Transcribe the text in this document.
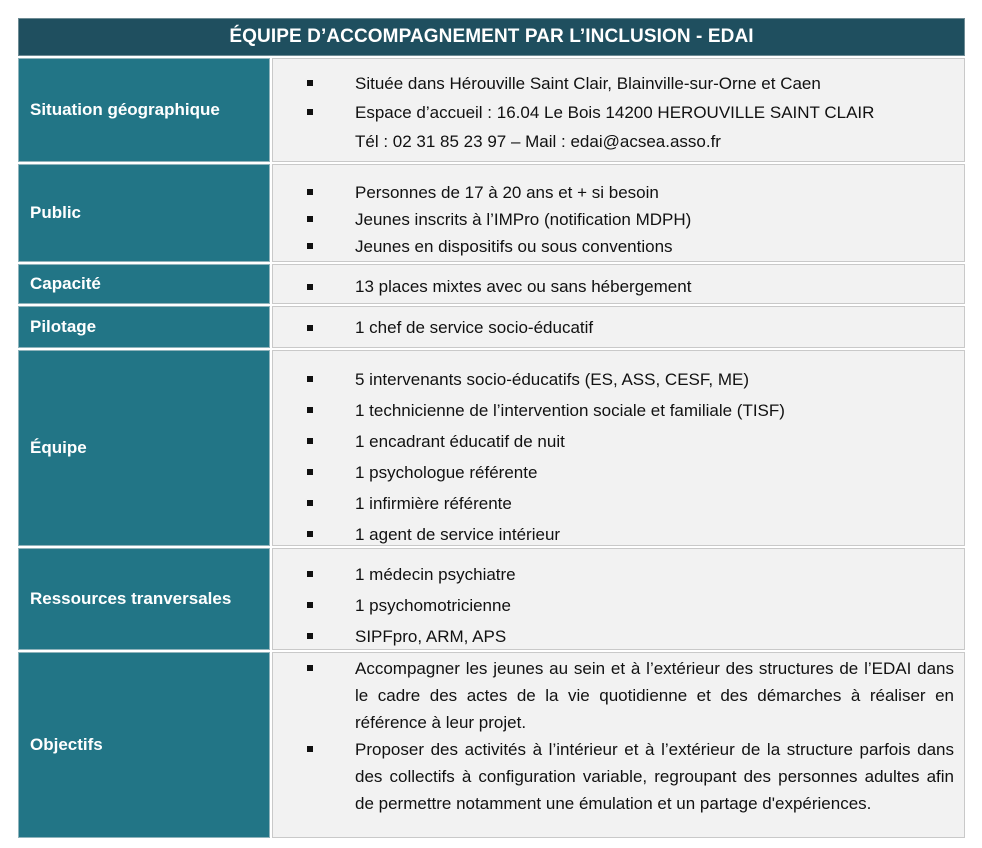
ÉQUIPE D’ACCOMPAGNEMENT PAR L’INCLUSION - EDAI
Situation géographique

Située dans Hérouville Saint Clair, Blainville-sur-Orne et Caen

Espace d’accueil : 16.04 Le Bois 14200 HEROUVILLE SAINT CLAIR

Tél : 02 31 85 23 97 – Mail : edai@acsea.asso.fr

Public

Personnes de 17 à 20 ans et + si besoin

Jeunes inscrits à l’IMPro (notification MDPH)

Jeunes en dispositifs ou sous conventions

Capacité	13 places mixtes avec ou sans hébergement

Pilotage	1 chef de service socio-éducatif

Équipe

5 intervenants socio-éducatifs (ES, ASS, CESF, ME)

1 technicienne de l’intervention sociale et familiale (TISF)

1 encadrant éducatif de nuit

1 psychologue référente

1 infirmière référente

1 agent de service intérieur

Ressources tranversales

1 médecin psychiatre

1 psychomotricienne

SIPFpro, ARM, APS

Objectifs

Accompagner les jeunes au sein et à l’extérieur des structures de l’EDAI dans le cadre des actes de la vie quotidienne et des démarches à réaliser en référence à leur projet.

Proposer des activités à l’intérieur et à l’extérieur de la structure parfois dans des collectifs à configuration variable, regroupant des personnes adultes afin de permettre notamment une émulation et un partage d'expériences.
